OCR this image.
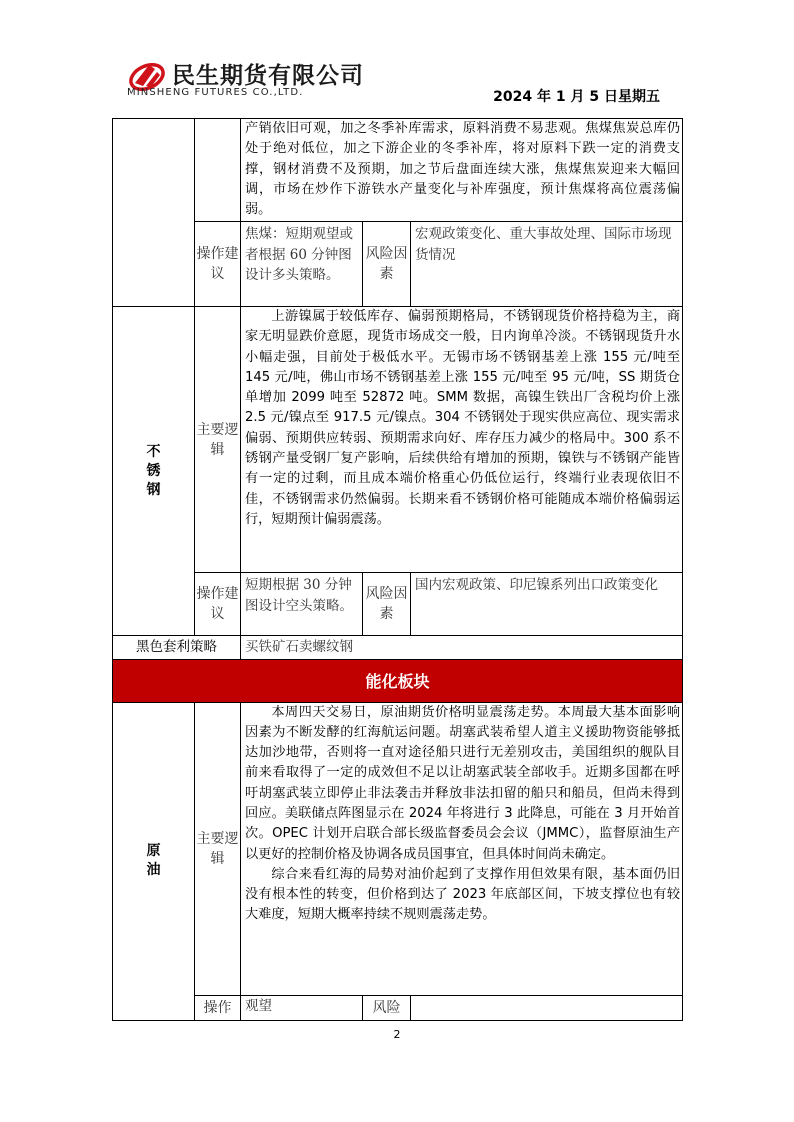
民生期货有限公司
MINSHENG FUTURES CO.,LTD.	2024 年 1 月 5 日星期五
		产销依旧可观，加之冬季补库需求，原料消费不易悲观。焦煤焦炭总库仍处于绝对低位，加之下游企业的冬季补库，将对原料下跌一定的消费支撑，钢材消费不及预期，加之节后盘面连续大涨，焦煤焦炭迎来大幅回调，市场在炒作下游铁水产量变化与补库强度，预计焦煤将高位震荡偏弱。		
	操作建议	焦煤：短期观望或者根据 60 分钟图设计多头策略。	风险因素	宏观政策变化、重大事故处理、国际市场现货情况
不锈钢	主要逻辑	上游镍属于较低库存、偏弱预期格局，不锈钢现货价格持稳为主，商家无明显跌价意愿，现货市场成交一般，日内询单冷淡。不锈钢现货升水小幅走强，目前处于极低水平。无锡市场不锈钢基差上涨 155 元/吨至 145 元/吨，佛山市场不锈钢基差上涨 155 元/吨至 95 元/吨，SS 期货仓单增加 2099 吨至 52872 吨。SMM 数据，高镍生铁出厂含税均价上涨 2.5 元/镍点至 917.5 元/镍点。304 不锈钢处于现实供应高位、现实需求偏弱、预期供应转弱、预期需求向好、库存压力减少的格局中。300 系不锈钢产量受钢厂复产影响，后续供给有增加的预期，镍铁与不锈钢产能皆有一定的过剩，而且成本端价格重心仍低位运行，终端行业表现依旧不佳，不锈钢需求仍然偏弱。长期来看不锈钢价格可能随成本端价格偏弱运行，短期预计偏弱震荡。		
	操作建议	短期根据 30 分钟图设计空头策略。	风险因素	国内宏观政策、印尼镍系列出口政策变化
黑色套利策略		买铁矿石卖螺纹钢		
能化板块				
原油	主要逻辑	本周四天交易日，原油期货价格明显震荡走势。本周最大基本面影响因素为不断发酵的红海航运问题。胡塞武装希望人道主义援助物资能够抵达加沙地带，否则将一直对途径船只进行无差别攻击，美国组织的舰队目前来看取得了一定的成效但不足以让胡塞武装全部收手。近期多国都在呼吁胡塞武装立即停止非法袭击并释放非法扣留的船只和船员，但尚未得到回应。美联储点阵图显示在 2024 年将进行 3 此降息，可能在 3 月开始首次。OPEC 计划开启联合部长级监督委员会会议（JMMC），监督原油生产以更好的控制价格及协调各成员国事宜，但具体时间尚未确定。

综合来看红海的局势对油价起到了支撑作用但效果有限，基本面仍旧没有根本性的转变，但价格到达了 2023 年底部区间，下坡支撑位也有较大难度，短期大概率持续不规则震荡走势。		

	操作	观望	风险	
2
